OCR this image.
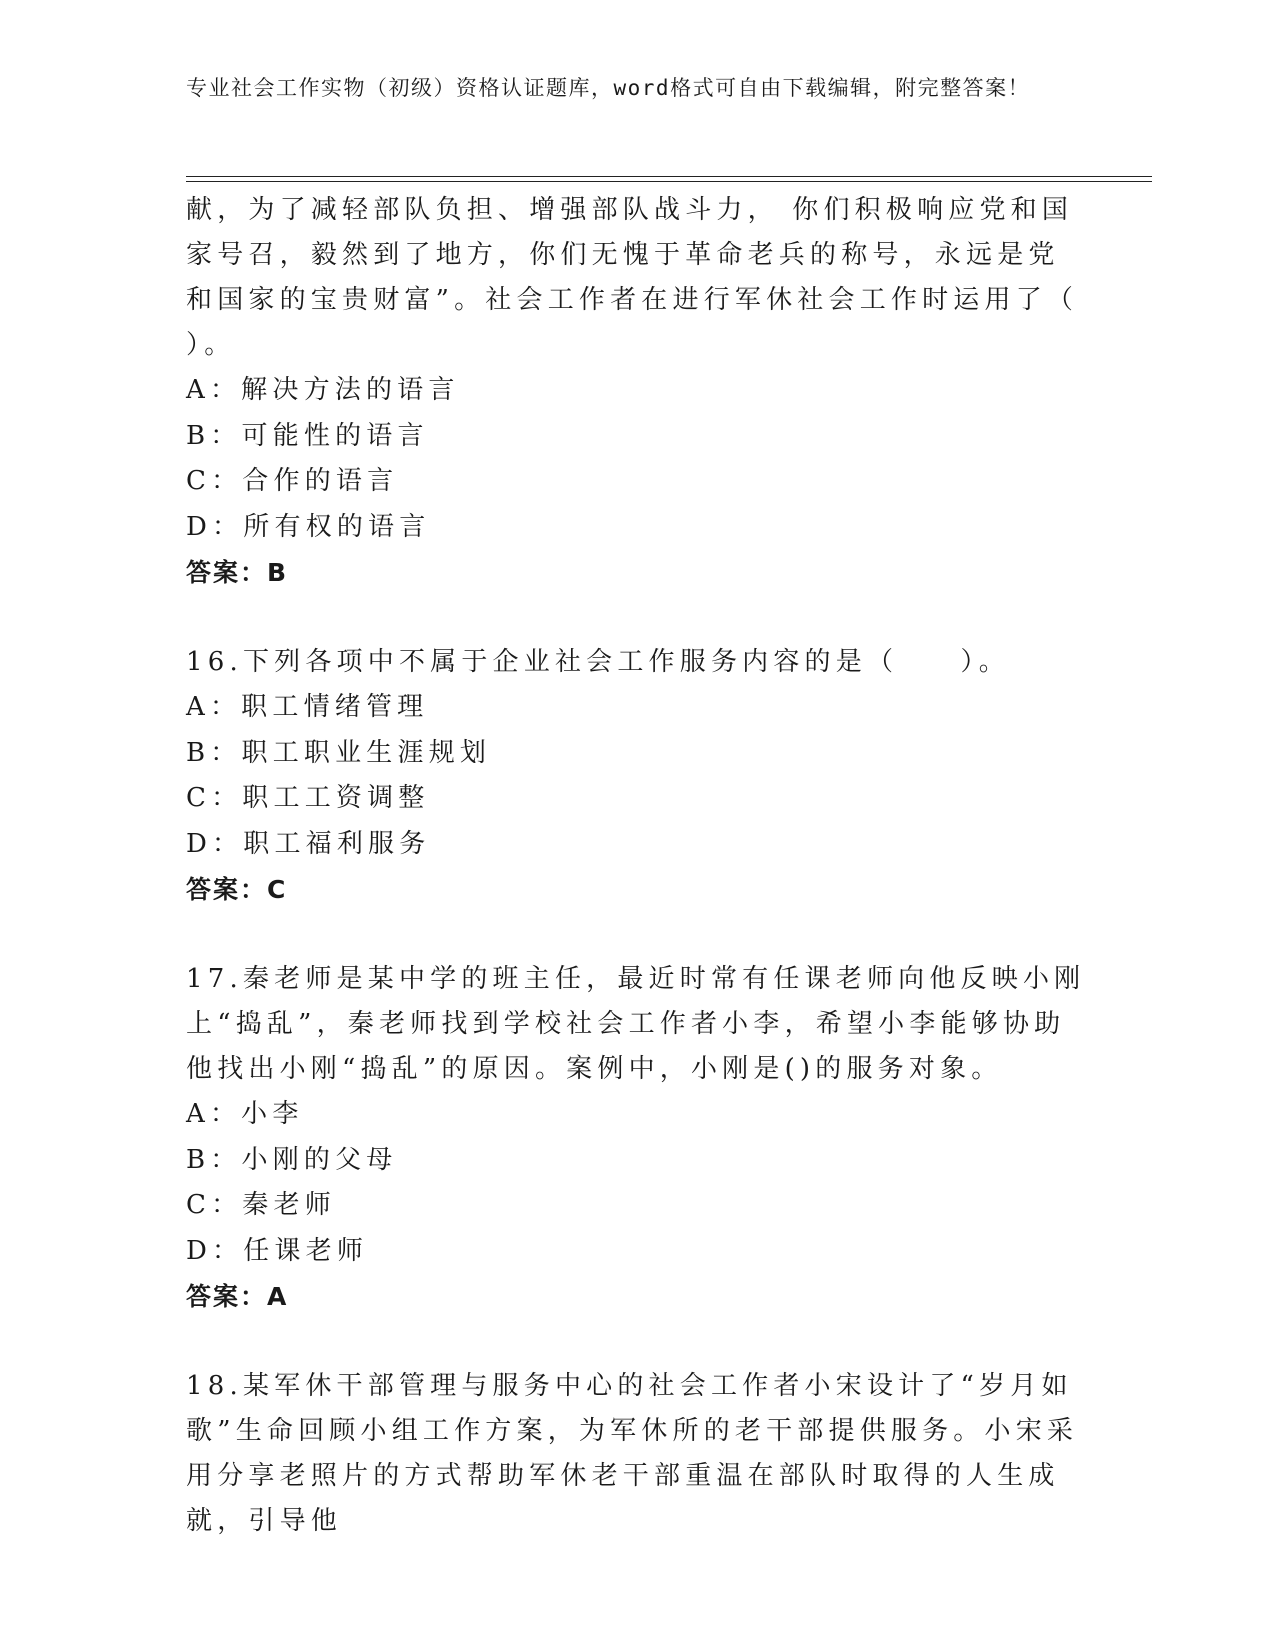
专业社会工作实物（初级）资格认证题库，word格式可自由下载编辑，附完整答案！

献，为了减轻部队负担、增强部队战斗力， 你们积极响应党和国家号召，毅然到了地方，你们无愧于革命老兵的称号，永远是党和国家的宝贵财富”。社会工作者在进行军休社会工作时运用了（ ）。

A：解决方法的语言

B：可能性的语言

C：合作的语言

D：所有权的语言

答案：B

16.下列各项中不属于企业社会工作服务内容的是（　　）。

A：职工情绪管理

B：职工职业生涯规划

C：职工工资调整

D：职工福利服务

答案：C

17.秦老师是某中学的班主任，最近时常有任课老师向他反映小刚上“捣乱”，秦老师找到学校社会工作者小李，希望小李能够协助他找出小刚“捣乱”的原因。案例中，小刚是()的服务对象。

A：小李

B：小刚的父母

C：秦老师

D：任课老师

答案：A

18.某军休干部管理与服务中心的社会工作者小宋设计了“岁月如歌”生命回顾小组工作方案，为军休所的老干部提供服务。小宋采用分享老照片的方式帮助军休老干部重温在部队时取得的人生成就，引导他
